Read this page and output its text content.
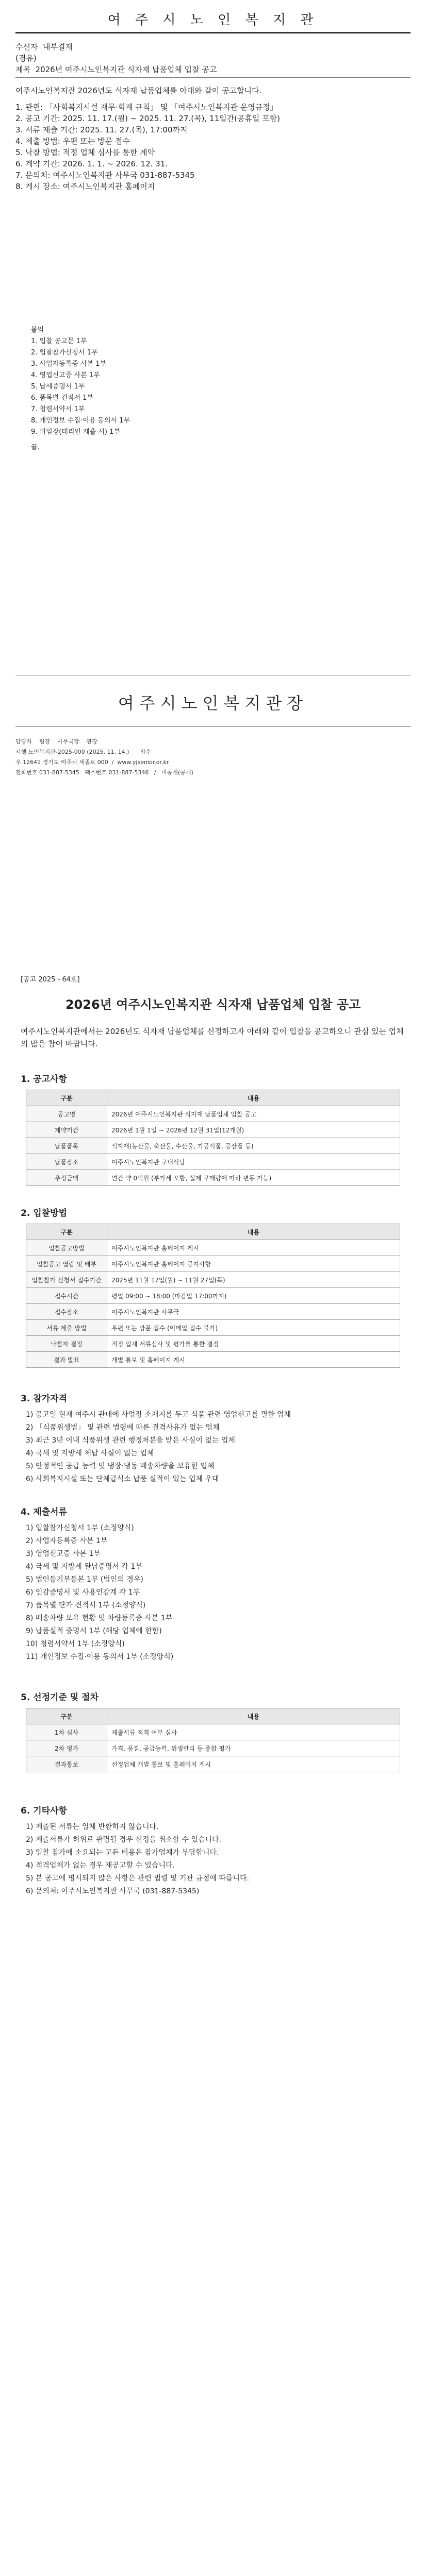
여 주 시 노 인 복 지 관
수신자 내부결재
(경유)
제목 2026년 여주시노인복지관 식자재 납품업체 입찰 공고
여주시노인복지관 2026년도 식자재 납품업체를 아래와 같이 공고합니다.
1. 관련: 「사회복지시설 재무·회계 규칙」 및 「여주시노인복지관 운영규정」
2. 공고 기간: 2025. 11. 17.(월) ~ 2025. 11. 27.(목), 11일간(공휴일 포함)
3. 서류 제출 기간: 2025. 11. 27.(목), 17:00까지
4. 제출 방법: 우편 또는 방문 접수
5. 낙찰 방법: 적정 업체 심사를 통한 계약
6. 계약 기간: 2026. 1. 1. ~ 2026. 12. 31.
7. 문의처: 여주시노인복지관 사무국 031-887-5345
8. 게시 장소: 여주시노인복지관 홈페이지
붙임
1. 입찰 공고문 1부
2. 입찰참가신청서 1부
3. 사업자등록증 사본 1부
4. 영업신고증 사본 1부
5. 납세증명서 1부
6. 품목별 견적서 1부
7. 청렴서약서 1부
8. 개인정보 수집·이용 동의서 1부
9. 위임장(대리인 제출 시) 1부
끝.
여주시노인복지관장
담당자    팀장    사무국장    관장
시행 노인복지관-2025-000 (2025. 11. 14.)      접수
우 12641 경기도 여주시 세종로 000  /  www.yjsenior.or.kr
전화번호 031-887-5345   팩스번호 031-887-5346   /   비공개(공개)
[공고 2025 - 64호]
2026년 여주시노인복지관 식자재 납품업체 입찰 공고
여주시노인복지관에서는 2026년도 식자재 납품업체를 선정하고자 아래와 같이 입찰을 공고하오니 관심 있는 업체의 많은 참여 바랍니다.
1. 공고사항
구분	내용
공고명	2026년 여주시노인복지관 식자재 납품업체 입찰 공고
계약기간	2026년 1월 1일 ~ 2026년 12월 31일(12개월)
납품품목	식자재(농산물, 축산물, 수산물, 가공식품, 공산품 등)
납품장소	여주시노인복지관 구내식당
추정금액	연간 약 0억원 (부가세 포함, 실제 구매량에 따라 변동 가능)
2. 입찰방법
구분	내용
입찰공고방법	여주시노인복지관 홈페이지 게시
입찰공고 열람 및 배부	여주시노인복지관 홈페이지 공지사항
입찰참가 신청서 접수기간	2025년 11월 17일(월) ~ 11월 27일(목)
접수시간	평일 09:00 ~ 18:00 (마감일 17:00까지)
접수장소	여주시노인복지관 사무국
서류 제출 방법	우편 또는 방문 접수 (이메일 접수 불가)
낙찰자 결정	적정 업체 서류심사 및 평가를 통한 결정
결과 발표	개별 통보 및 홈페이지 게시
3. 참가자격
1) 공고일 현재 여주시 관내에 사업장 소재지를 두고 식품 관련 영업신고를 필한 업체
2) 「식품위생법」 및 관련 법령에 따른 결격사유가 없는 업체
3) 최근 3년 이내 식품위생 관련 행정처분을 받은 사실이 없는 업체
4) 국세 및 지방세 체납 사실이 없는 업체
5) 안정적인 공급 능력 및 냉장·냉동 배송차량을 보유한 업체
6) 사회복지시설 또는 단체급식소 납품 실적이 있는 업체 우대
4. 제출서류
1) 입찰참가신청서 1부 (소정양식)
2) 사업자등록증 사본 1부
3) 영업신고증 사본 1부
4) 국세 및 지방세 완납증명서 각 1부
5) 법인등기부등본 1부 (법인의 경우)
6) 인감증명서 및 사용인감계 각 1부
7) 품목별 단가 견적서 1부 (소정양식)
8) 배송차량 보유 현황 및 차량등록증 사본 1부
9) 납품실적 증명서 1부 (해당 업체에 한함)
10) 청렴서약서 1부 (소정양식)
11) 개인정보 수집·이용 동의서 1부 (소정양식)
5. 선정기준 및 절차
구분	내용
1차 심사	제출서류 적격 여부 심사
2차 평가	가격, 품질, 공급능력, 위생관리 등 종합 평가
결과통보	선정업체 개별 통보 및 홈페이지 게시
6. 기타사항
1) 제출된 서류는 일체 반환하지 않습니다.
2) 제출서류가 허위로 판명될 경우 선정을 취소할 수 있습니다.
3) 입찰 참가에 소요되는 모든 비용은 참가업체가 부담합니다.
4) 적격업체가 없는 경우 재공고할 수 있습니다.
5) 본 공고에 명시되지 않은 사항은 관련 법령 및 기관 규정에 따릅니다.
6) 문의처: 여주시노인복지관 사무국 (031-887-5345)
